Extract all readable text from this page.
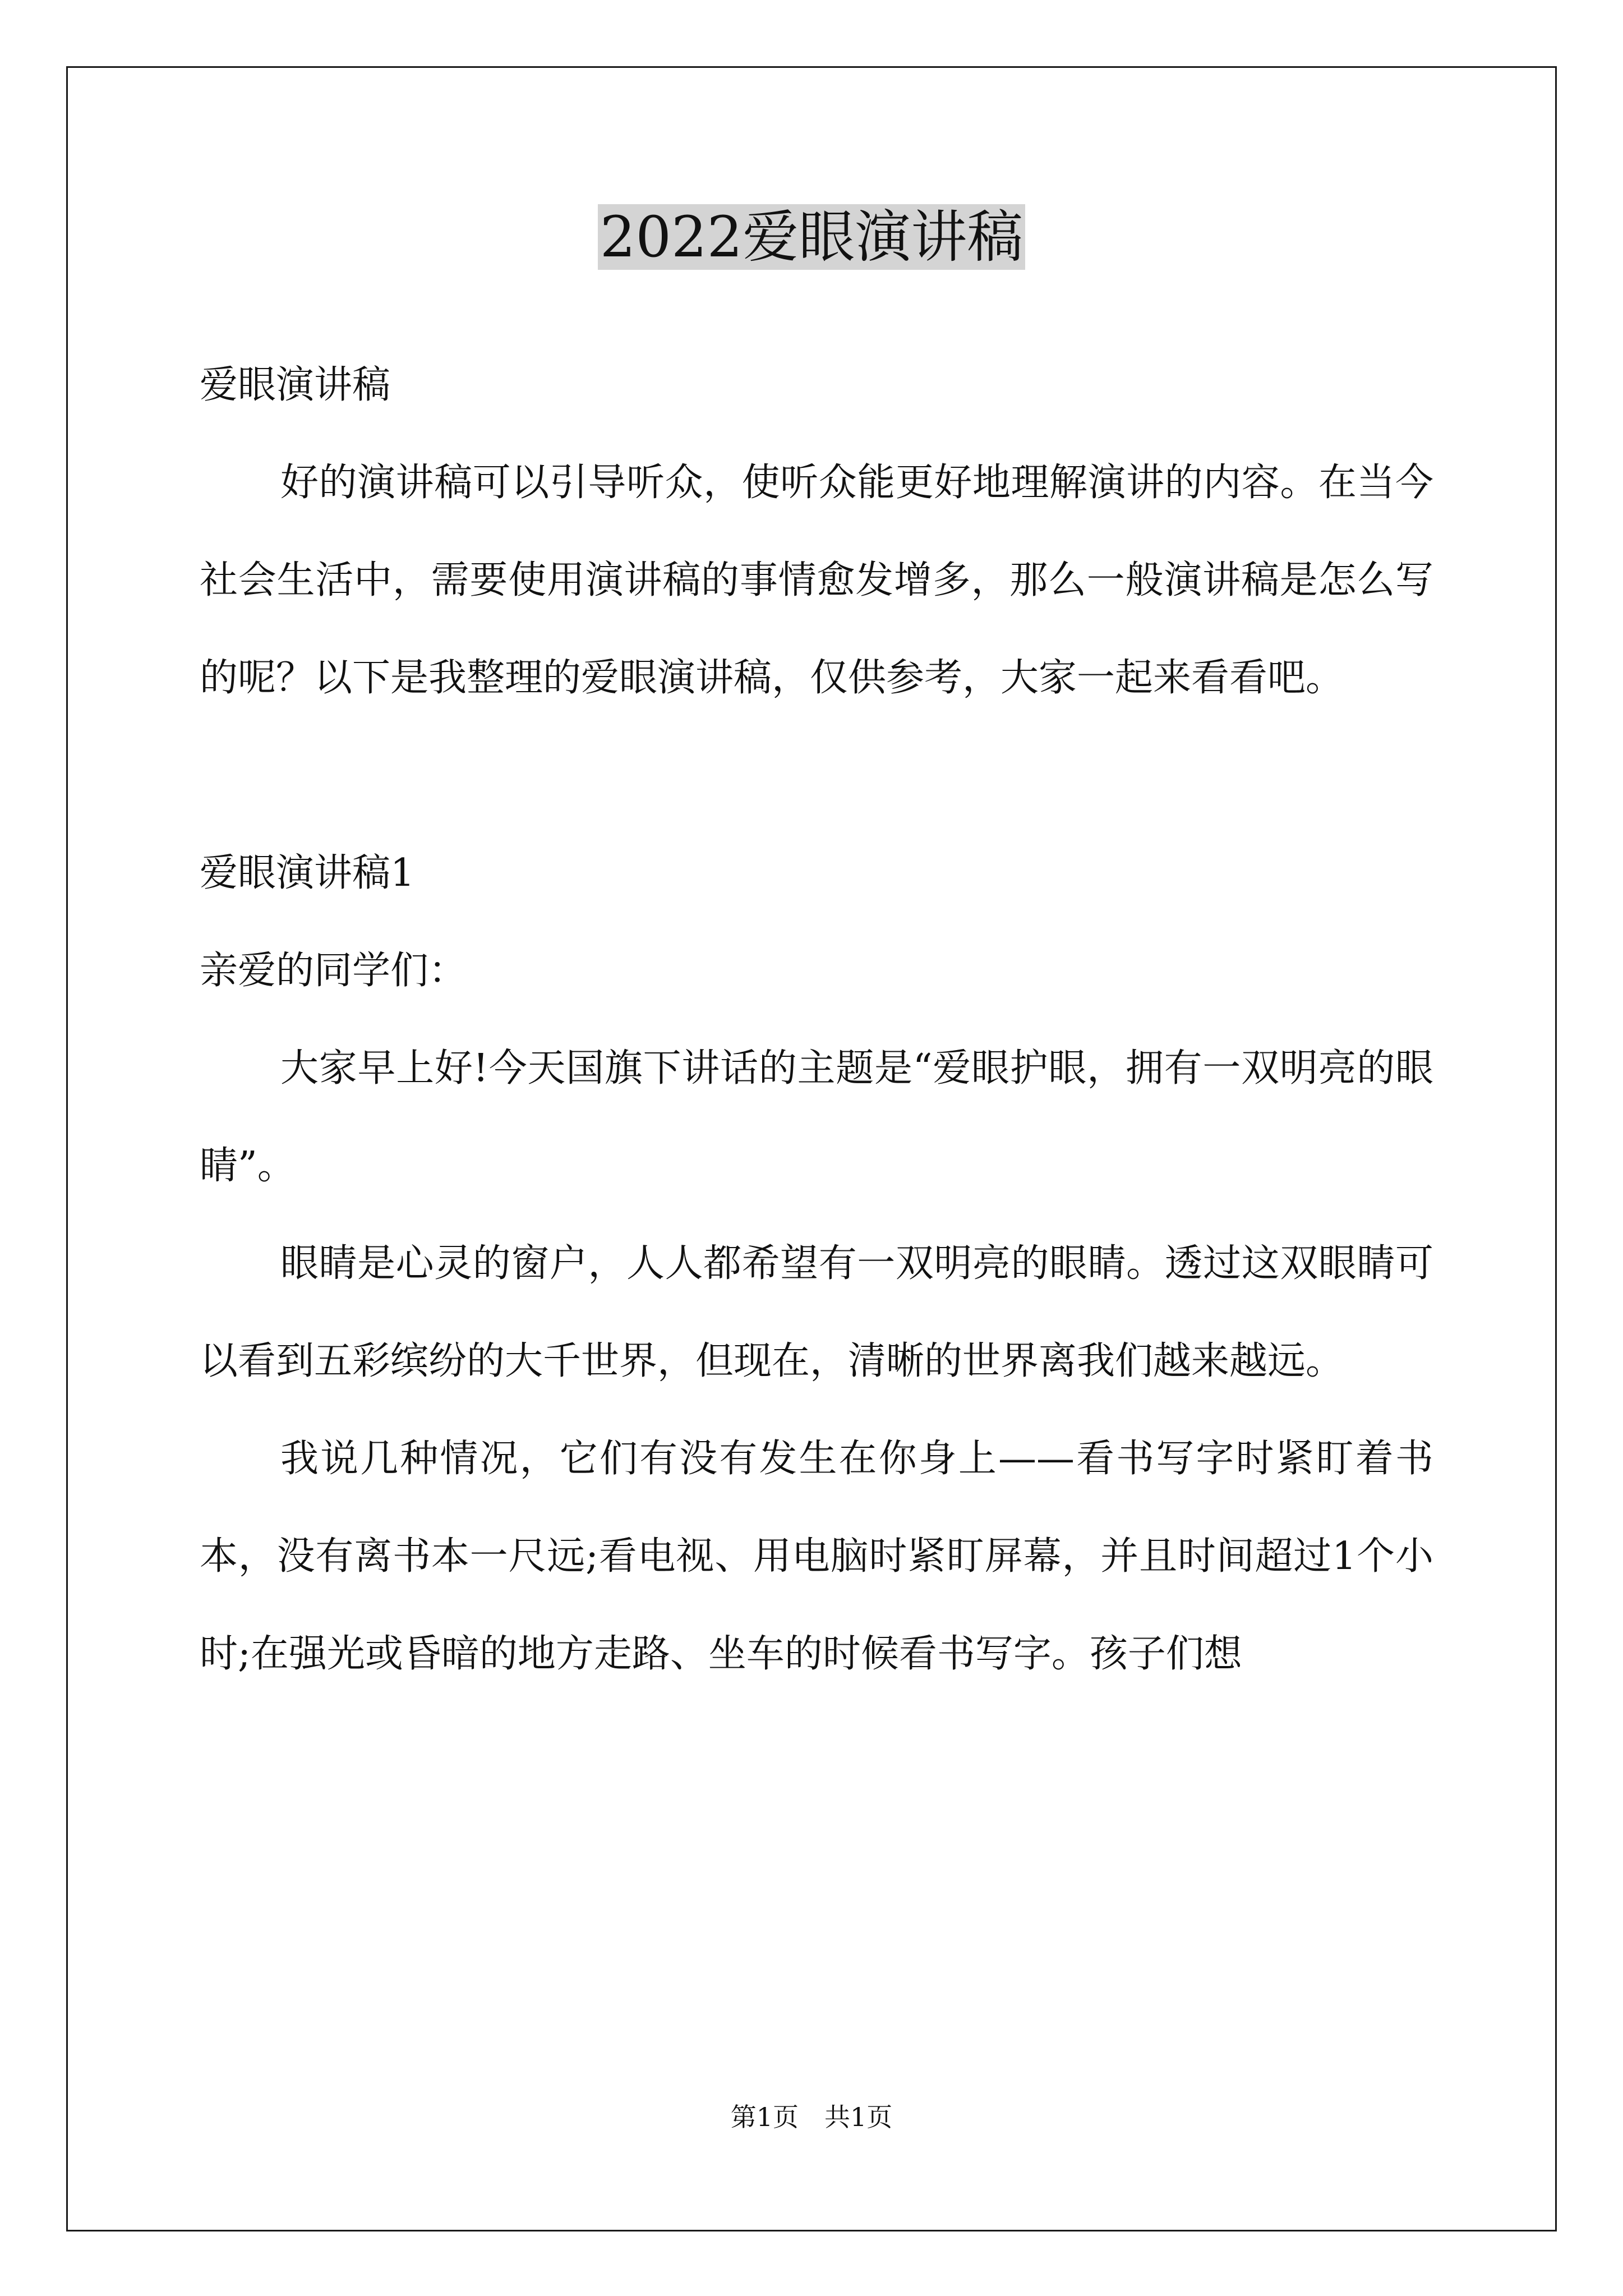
2022爱眼演讲稿

爱眼演讲稿

好的演讲稿可以引导听众，使听众能更好地理解演讲的内容。在当今社会生活中，需要使用演讲稿的事情愈发增多，那么一般演讲稿是怎么写的呢？以下是我整理的爱眼演讲稿，仅供参考，大家一起来看看吧。

爱眼演讲稿1

亲爱的同学们：

大家早上好!今天国旗下讲话的主题是“爱眼护眼，拥有一双明亮的眼睛”。

眼睛是心灵的窗户，人人都希望有一双明亮的眼睛。透过这双眼睛可以看到五彩缤纷的大千世界，但现在，清晰的世界离我们越来越远。

我说几种情况，它们有没有发生在你身上——看书写字时紧盯着书本，没有离书本一尺远;看电视、用电脑时紧盯屏幕，并且时间超过1个小时;在强光或昏暗的地方走路、坐车的时候看书写字。孩子们想

第1页　共1页
